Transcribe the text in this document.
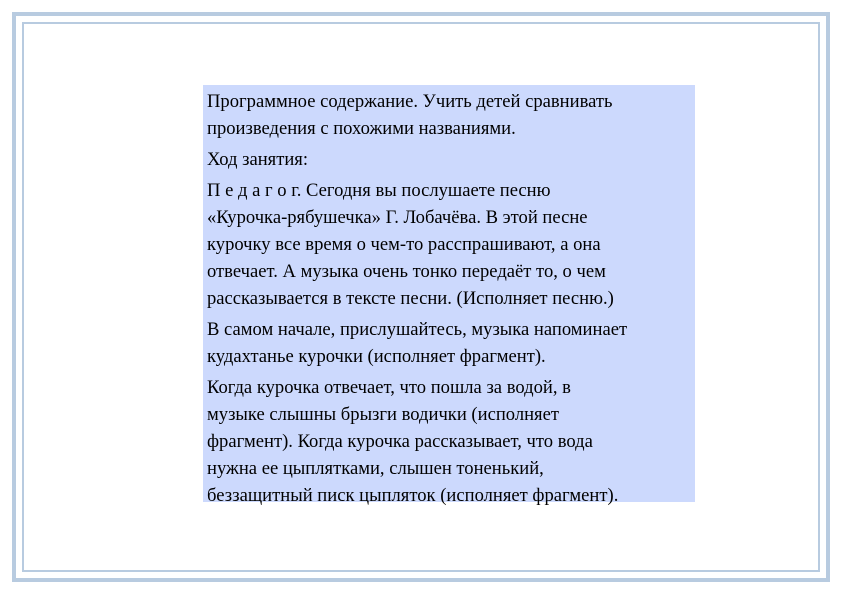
Программное содержание. Учить детей сравнивать
произведения с похожими названиями.

Ход занятия:

П е д а г о г. Сегодня вы послушаете песню
«Курочка-рябушечка» Г. Лобачёва. В этой песне
курочку все время о чем-то расспрашивают, а она
отвечает. А музыка очень тонко передаёт то, о чем
рассказывается в тексте песни. (Исполняет песню.)

В самом начале, прислушайтесь, музыка напоминает
кудахтанье курочки (исполняет фрагмент).

Когда курочка отвечает, что пошла за водой, в
музыке слышны брызги водички (исполняет
фрагмент). Когда курочка рассказывает, что вода
нужна ее цыплятками, слышен тоненький,
беззащитный писк цыпляток (исполняет фрагмент).
